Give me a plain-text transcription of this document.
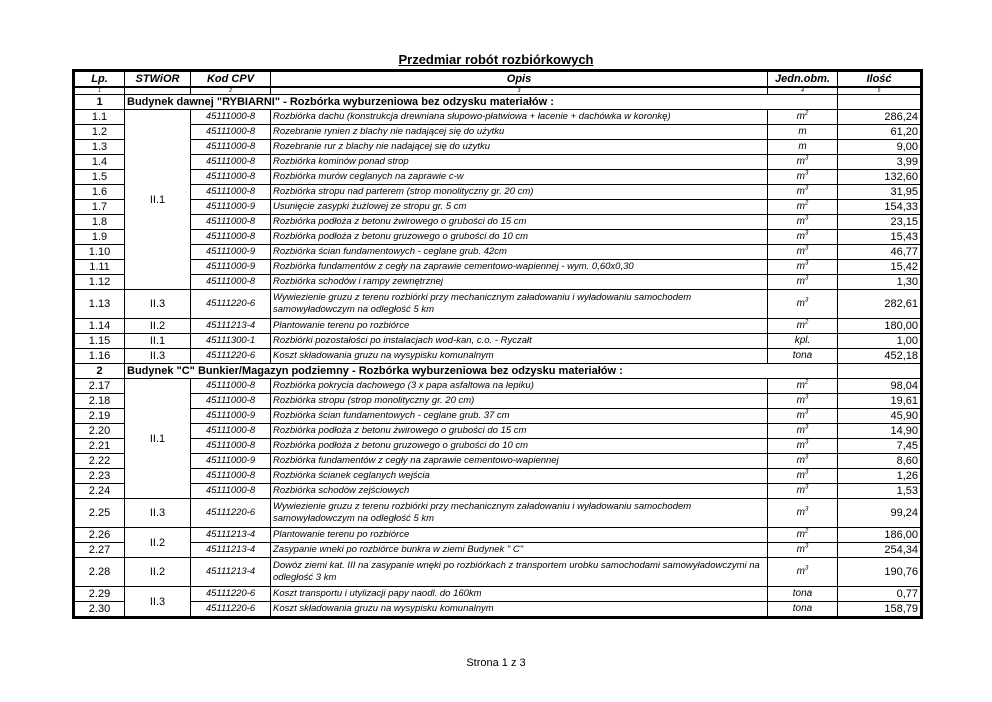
Przedmiar robót rozbiórkowych
Lp.	STWiOR	Kod CPV	Opis	Jedn.obm.	Ilość
1		2	3	4	5
1	Budynek dawnej "RYBIARNI" - Rozbórka wyburzeniowa bez odzysku materiałów :				
1.1	II.1	45111000-8	Rozbiórka dachu (konstrukcja drewniana słupowo-płatwiowa + łacenie + dachówka w koronkę)	$m^2$	286,24
1.2		45111000-8	Rozebranie rynien z blachy nie nadającej się do użytku	m	61,20
1.3		45111000-8	Rozebranie rur z blachy nie nadającej się do użytku	m	9,00
1.4		45111000-8	Rozbiórka kominów ponad strop	$m^3$	3,99
1.5		45111000-8	Rozbiórka murów ceglanych na zaprawie c-w	$m^3$	132,60
1.6		45111000-8	Rozbiórka stropu nad parterem (strop monolityczny gr. 20 cm)	$m^3$	31,95
1.7		45111000-9	Usunięcie zasypki żużlowej ze stropu gr. 5 cm	$m^2$	154,33
1.8		45111000-8	Rozbiórka podłoża z betonu żwirowego o grubości do 15 cm	$m^3$	23,15
1.9		45111000-8	Rozbiórka podłoża z betonu gruzowego o grubości do 10 cm	$m^3$	15,43
1.10		45111000-9	Rozbiórka ścian fundamentowych - ceglane grub. 42cm	$m^3$	46,77
1.11		45111000-9	Rozbiórka fundamentów z cegły na zaprawie cementowo-wapiennej - wym. 0,60x0,30	$m^3$	15,42
1.12		45111000-8	Rozbiórka schodów i rampy zewnętrznej	$m^3$	1,30
1.13	II.3	45111220-6	Wywiezienie gruzu z terenu rozbiórki przy mechanicznym załadowaniu i wyładowaniu samochodem samowyładowczym na odległość 5 km	$m^3$	282,61
1.14	II.2	45111213-4	Plantowanie terenu po rozbiórce	$m^2$	180,00
1.15	II.1	45111300-1	Rozbiórki pozostałości po instalacjach wod-kan, c.o. - Ryczałt	kpl.	1,00
1.16	II.3	45111220-6	Koszt składowania gruzu na wysypisku komunalnym	tona	452,18
2	Budynek "C" Bunkier/Magazyn podziemny - Rozbórka wyburzeniowa bez odzysku materiałów :				
2.17	II.1	45111000-8	Rozbiórka pokrycia dachowego (3 x papa asfaltowa na lepiku)	$m^2$	98,04
2.18		45111000-8	Rozbiórka stropu (strop monolityczny gr. 20 cm)	$m^3$	19,61
2.19		45111000-9	Rozbiórka ścian fundamentowych - ceglane grub. 37 cm	$m^3$	45,90
2.20		45111000-8	Rozbiórka podłoża z betonu żwirowego o grubości do 15 cm	$m^3$	14,90
2.21		45111000-8	Rozbiórka podłoża z betonu gruzowego o grubości do 10 cm	$m^3$	7,45
2.22		45111000-9	Rozbiórka fundamentów z cegły na zaprawie cementowo-wapiennej	$m^3$	8,60
2.23		45111000-8	Rozbiórka ścianek ceglanych wejścia	$m^3$	1,26
2.24		45111000-8	Rozbiórka schodów zejściowych	$m^3$	1,53
2.25	II.3	45111220-6	Wywiezienie gruzu z terenu rozbiórki przy mechanicznym załadowaniu i wyładowaniu samochodem samowyładowczym na odległość 5 km	$m^3$	99,24
2.26	II.2	45111213-4	Plantowanie terenu po rozbiórce	$m^2$	186,00
2.27		45111213-4	Zasypanie wneki po rozbiórce bunkra w ziemi Budynek " C"	$m^3$	254,34
2.28	II.2	45111213-4	Dowóz ziemi kat. III na zasypanie wnęki po rozbiórkach z transportem urobku samochodami samowyładowczymi na odległość 3 km	$m^3$	190,76
2.29	II.3	45111220-6	Koszt transportu i utylizacji papy naodl. do 160km	tona	0,77
2.30		45111220-6	Koszt składowania gruzu na wysypisku komunalnym	tona	158,79
Strona 1 z 3
